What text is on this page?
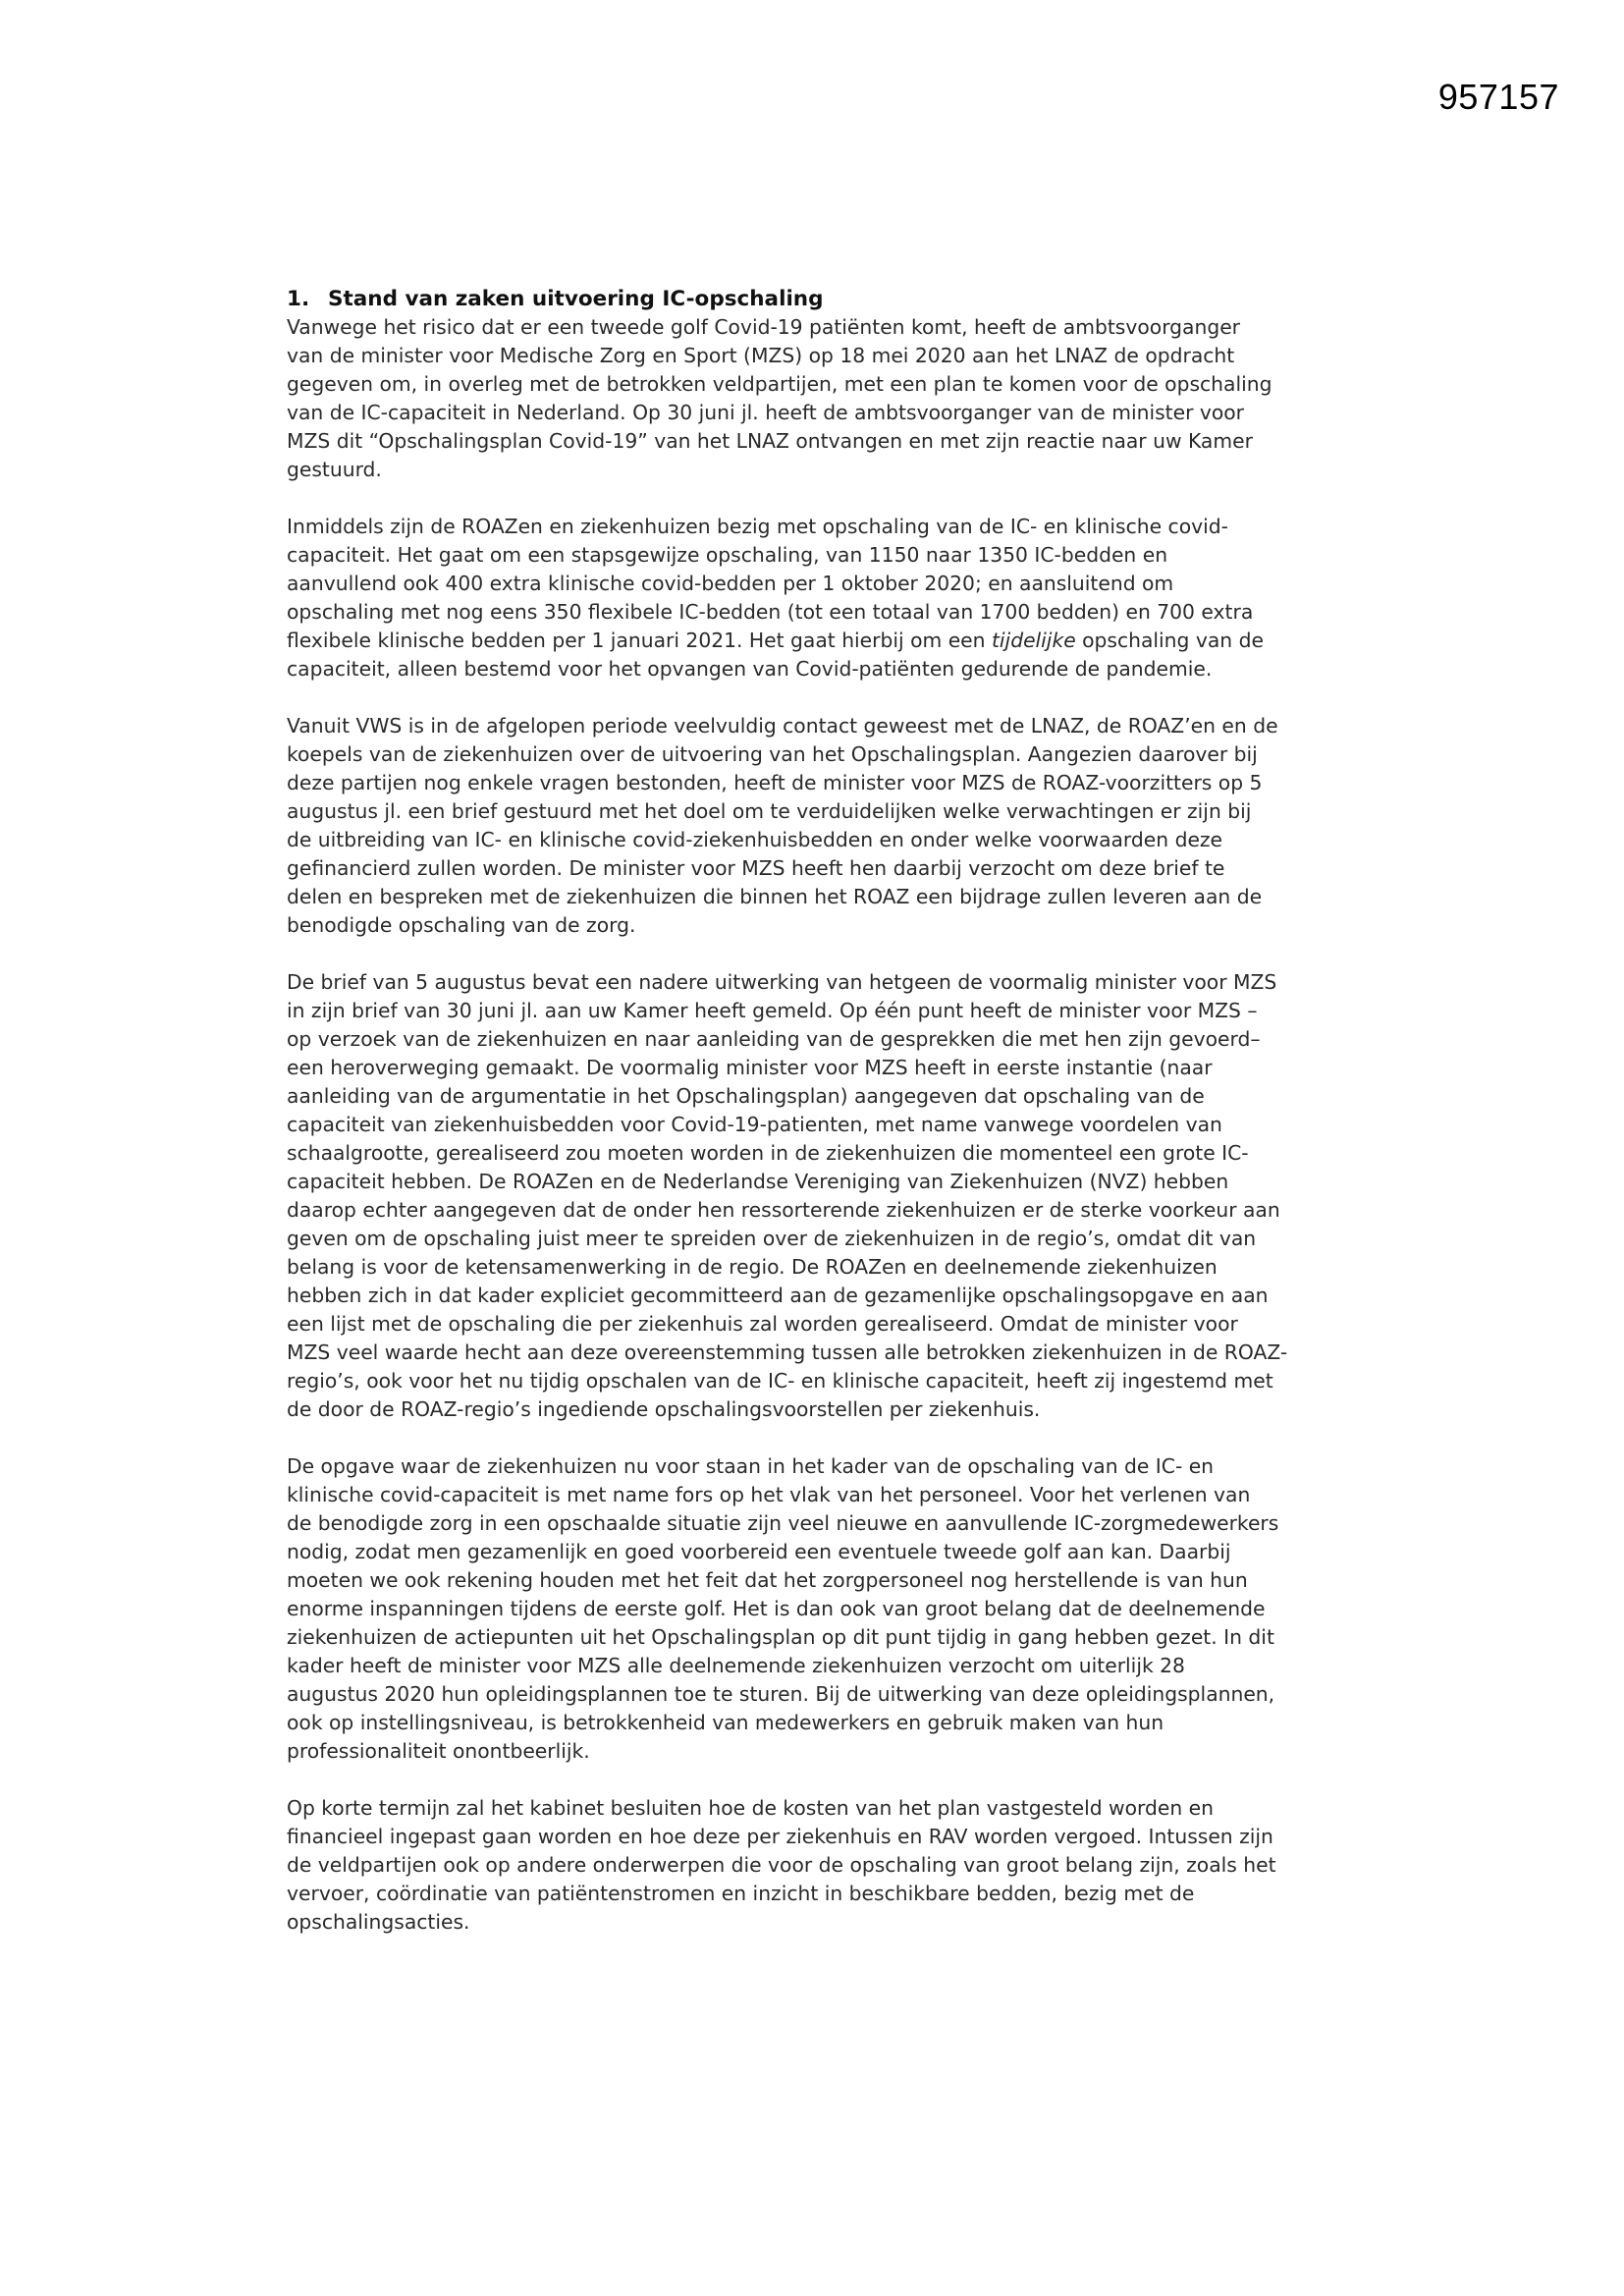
957157
1. Stand van zaken uitvoering IC-opschaling

Vanwege het risico dat er een tweede golf Covid-19 patiënten komt, heeft de ambtsvoorganger
van de minister voor Medische Zorg en Sport (MZS) op 18 mei 2020 aan het LNAZ de opdracht
gegeven om, in overleg met de betrokken veldpartijen, met een plan te komen voor de opschaling
van de IC-capaciteit in Nederland. Op 30 juni jl. heeft de ambtsvoorganger van de minister voor
MZS dit “Opschalingsplan Covid-19” van het LNAZ ontvangen en met zijn reactie naar uw Kamer
gestuurd.

Inmiddels zijn de ROAZen en ziekenhuizen bezig met opschaling van de IC- en klinische covid-
capaciteit. Het gaat om een stapsgewijze opschaling, van 1150 naar 1350 IC-bedden en
aanvullend ook 400 extra klinische covid-bedden per 1 oktober 2020; en aansluitend om
opschaling met nog eens 350 flexibele IC-bedden (tot een totaal van 1700 bedden) en 700 extra
flexibele klinische bedden per 1 januari 2021. Het gaat hierbij om een tijdelijke opschaling van de
capaciteit, alleen bestemd voor het opvangen van Covid-patiënten gedurende de pandemie.

Vanuit VWS is in de afgelopen periode veelvuldig contact geweest met de LNAZ, de ROAZ’en en de
koepels van de ziekenhuizen over de uitvoering van het Opschalingsplan. Aangezien daarover bij
deze partijen nog enkele vragen bestonden, heeft de minister voor MZS de ROAZ-voorzitters op 5
augustus jl. een brief gestuurd met het doel om te verduidelijken welke verwachtingen er zijn bij
de uitbreiding van IC- en klinische covid-ziekenhuisbedden en onder welke voorwaarden deze
gefinancierd zullen worden. De minister voor MZS heeft hen daarbij verzocht om deze brief te
delen en bespreken met de ziekenhuizen die binnen het ROAZ een bijdrage zullen leveren aan de
benodigde opschaling van de zorg.

De brief van 5 augustus bevat een nadere uitwerking van hetgeen de voormalig minister voor MZS
in zijn brief van 30 juni jl. aan uw Kamer heeft gemeld. Op één punt heeft de minister voor MZS –
op verzoek van de ziekenhuizen en naar aanleiding van de gesprekken die met hen zijn gevoerd–
een heroverweging gemaakt. De voormalig minister voor MZS heeft in eerste instantie (naar
aanleiding van de argumentatie in het Opschalingsplan) aangegeven dat opschaling van de
capaciteit van ziekenhuisbedden voor Covid-19-patienten, met name vanwege voordelen van
schaalgrootte, gerealiseerd zou moeten worden in de ziekenhuizen die momenteel een grote IC-
capaciteit hebben. De ROAZen en de Nederlandse Vereniging van Ziekenhuizen (NVZ) hebben
daarop echter aangegeven dat de onder hen ressorterende ziekenhuizen er de sterke voorkeur aan
geven om de opschaling juist meer te spreiden over de ziekenhuizen in de regio’s, omdat dit van
belang is voor de ketensamenwerking in de regio. De ROAZen en deelnemende ziekenhuizen
hebben zich in dat kader expliciet gecommitteerd aan de gezamenlijke opschalingsopgave en aan
een lijst met de opschaling die per ziekenhuis zal worden gerealiseerd. Omdat de minister voor
MZS veel waarde hecht aan deze overeenstemming tussen alle betrokken ziekenhuizen in de ROAZ-
regio’s, ook voor het nu tijdig opschalen van de IC- en klinische capaciteit, heeft zij ingestemd met
de door de ROAZ-regio’s ingediende opschalingsvoorstellen per ziekenhuis.

De opgave waar de ziekenhuizen nu voor staan in het kader van de opschaling van de IC- en
klinische covid-capaciteit is met name fors op het vlak van het personeel. Voor het verlenen van
de benodigde zorg in een opschaalde situatie zijn veel nieuwe en aanvullende IC-zorgmedewerkers
nodig, zodat men gezamenlijk en goed voorbereid een eventuele tweede golf aan kan. Daarbij
moeten we ook rekening houden met het feit dat het zorgpersoneel nog herstellende is van hun
enorme inspanningen tijdens de eerste golf. Het is dan ook van groot belang dat de deelnemende
ziekenhuizen de actiepunten uit het Opschalingsplan op dit punt tijdig in gang hebben gezet. In dit
kader heeft de minister voor MZS alle deelnemende ziekenhuizen verzocht om uiterlijk 28
augustus 2020 hun opleidingsplannen toe te sturen. Bij de uitwerking van deze opleidingsplannen,
ook op instellingsniveau, is betrokkenheid van medewerkers en gebruik maken van hun
professionaliteit onontbeerlijk.

Op korte termijn zal het kabinet besluiten hoe de kosten van het plan vastgesteld worden en
financieel ingepast gaan worden en hoe deze per ziekenhuis en RAV worden vergoed. Intussen zijn
de veldpartijen ook op andere onderwerpen die voor de opschaling van groot belang zijn, zoals het
vervoer, coördinatie van patiëntenstromen en inzicht in beschikbare bedden, bezig met de
opschalingsacties.
